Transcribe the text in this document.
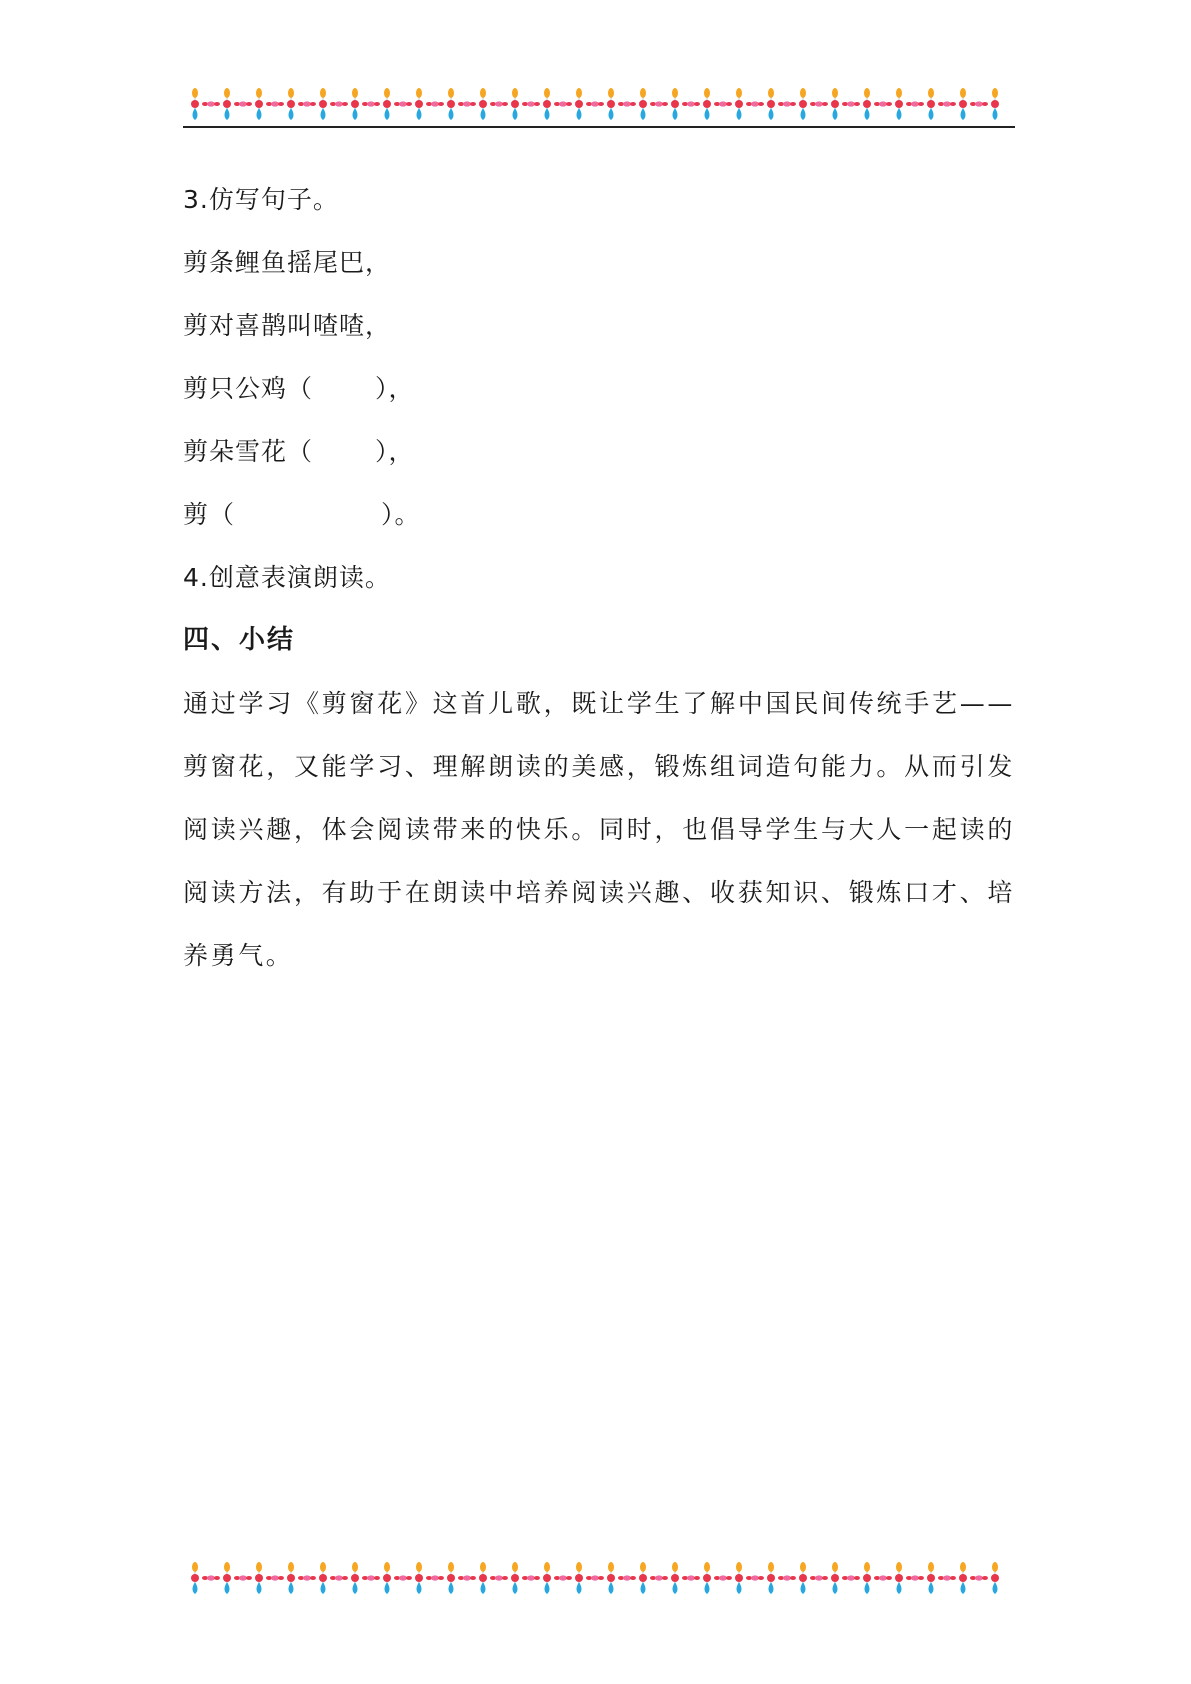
3.仿写句子。
剪条鲤鱼摇尾巴，
剪对喜鹊叫喳喳，
剪只公鸡（ ），
剪朵雪花（ ），
剪（	）。
4.创意表演朗读。
四、小结

通过学习《剪窗花》这首儿歌，既让学生了解中国民间传统手艺——剪窗花，又能学习、理解朗读的美感，锻炼组词造句能力。从而引发阅读兴趣，体会阅读带来的快乐。同时，也倡导学生与大人一起读的阅读方法，有助于在朗读中培养阅读兴趣、收获知识、锻炼口才、培养勇气。
